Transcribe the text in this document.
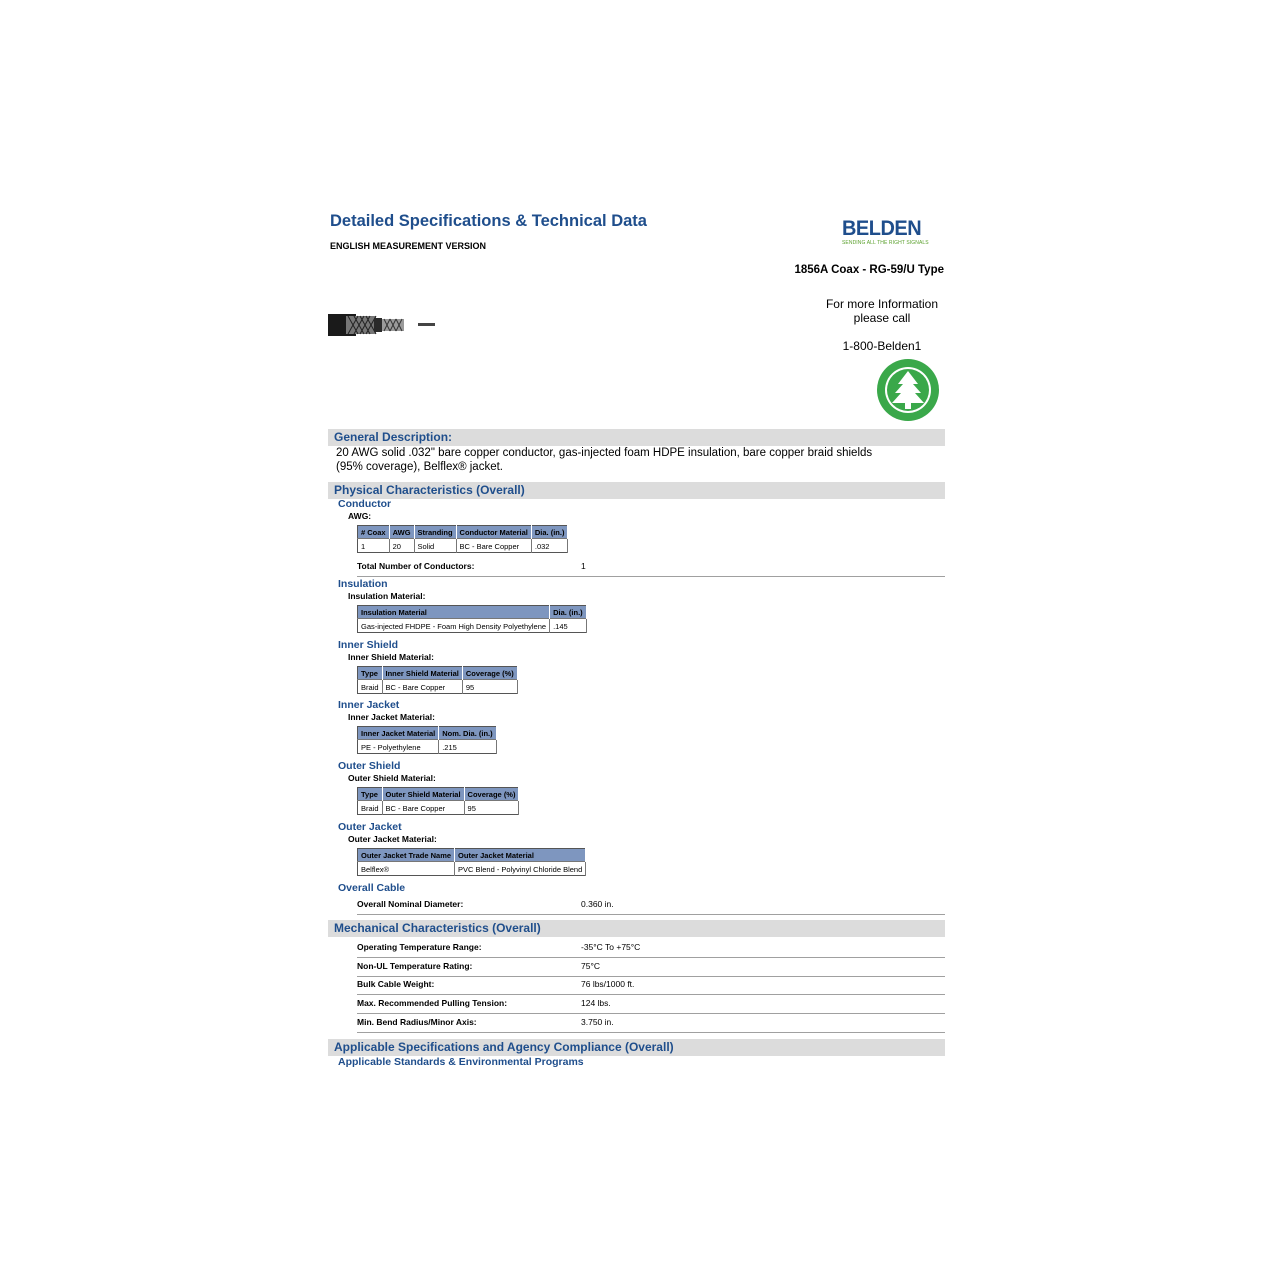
Detailed Specifications & Technical Data
ENGLISH MEASUREMENT VERSION
BELDEN
SENDING ALL THE RIGHT SIGNALS
1856A Coax - RG-59/U Type
For more Information
please call
1-800-Belden1
General Description:
20 AWG solid .032" bare copper conductor, gas-injected foam HDPE insulation, bare copper braid shields
(95% coverage), Belflex® jacket.
Physical Characteristics (Overall)
Conductor
AWG:
# Coax	AWG	Stranding	Conductor Material	Dia. (in.)
1	20	Solid	BC - Bare Copper	.032
Total Number of Conductors:	1
Insulation
Insulation Material:
Insulation Material	Dia. (in.)
Gas-injected FHDPE - Foam High Density Polyethylene	.145
Inner Shield
Inner Shield Material:
Type	Inner Shield Material	Coverage (%)
Braid	BC - Bare Copper	95
Inner Jacket
Inner Jacket Material:
Inner Jacket Material	Nom. Dia. (in.)
PE - Polyethylene	.215
Outer Shield
Outer Shield Material:
Type	Outer Shield Material	Coverage (%)
Braid	BC - Bare Copper	95
Outer Jacket
Outer Jacket Material:
Outer Jacket Trade Name	Outer Jacket Material
Belflex®	PVC Blend - Polyvinyl Chloride Blend
Overall Cable
Overall Nominal Diameter:	0.360 in.
Mechanical Characteristics (Overall)
Operating Temperature Range:	-35°C To +75°C
Non-UL Temperature Rating:	75°C
Bulk Cable Weight:	76 lbs/1000 ft.
Max. Recommended Pulling Tension:	124 lbs.
Min. Bend Radius/Minor Axis:	3.750 in.
Applicable Specifications and Agency Compliance (Overall)
Applicable Standards & Environmental Programs
